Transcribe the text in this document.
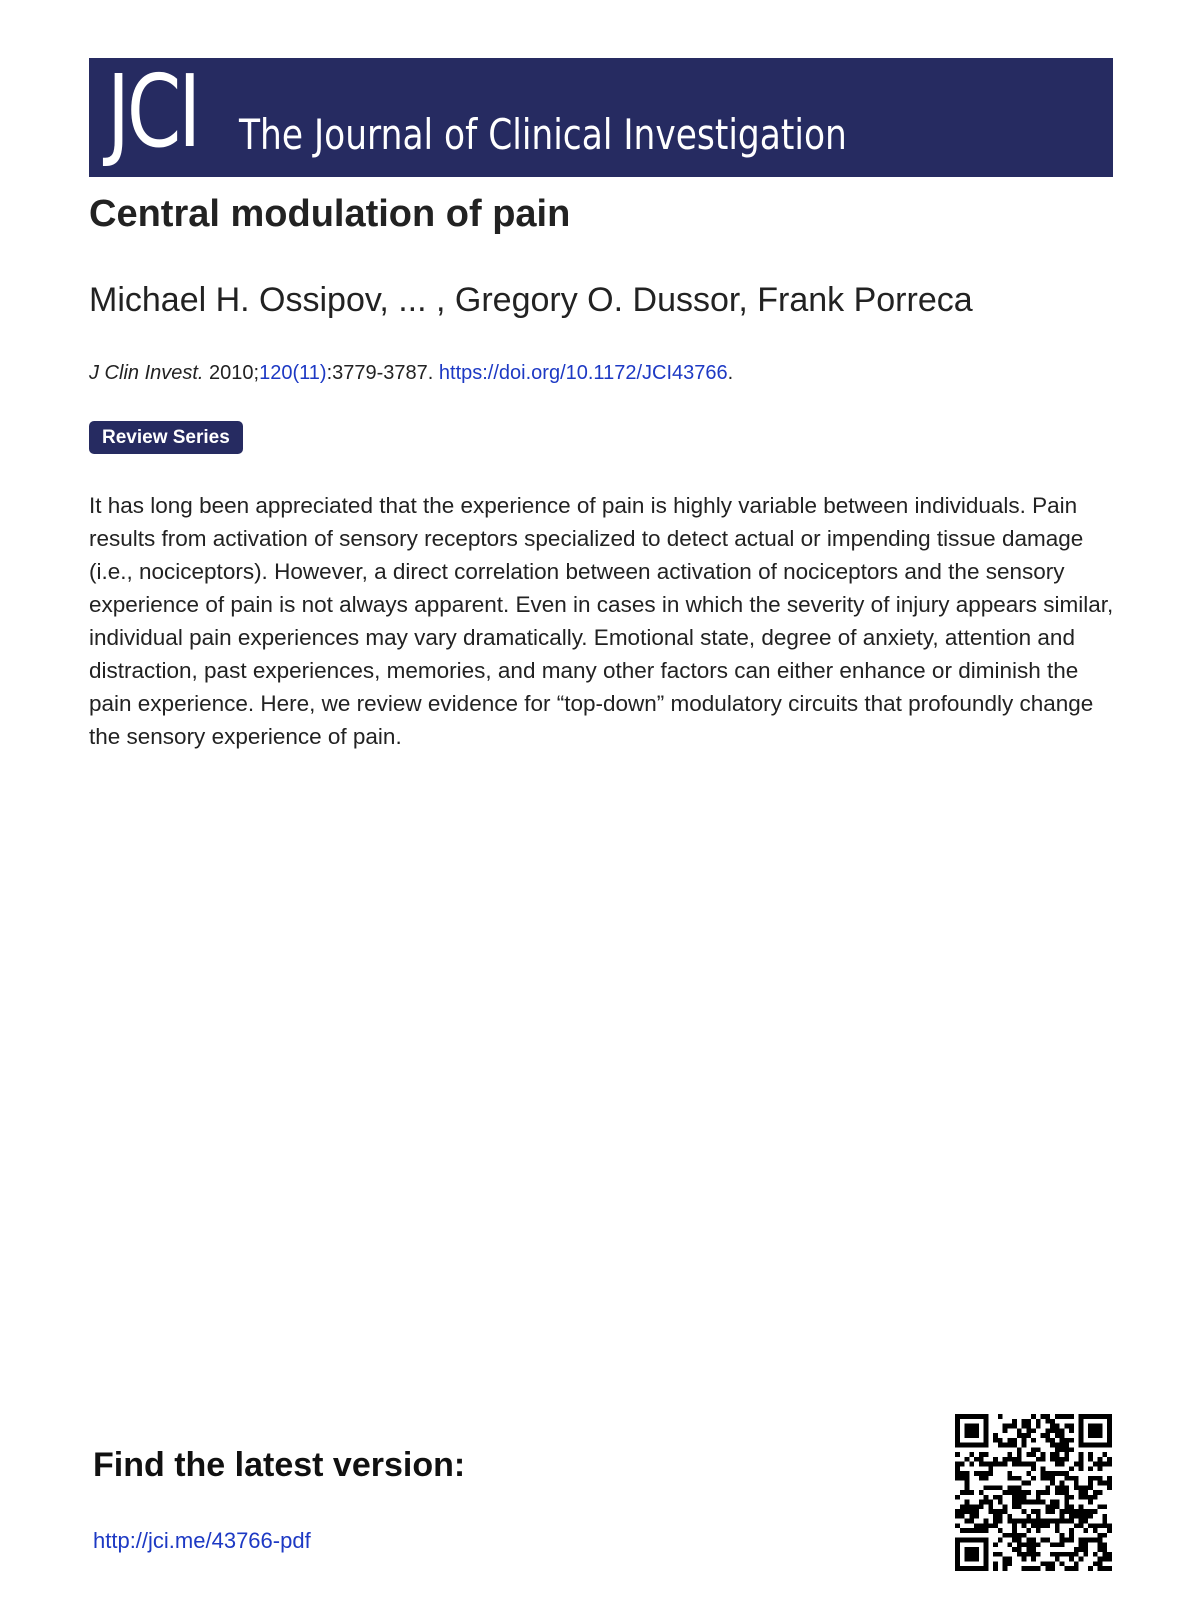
JCI The Journal of Clinical Investigation
Central modulation of pain
Michael H. Ossipov, ... , Gregory O. Dussor, Frank Porreca
J Clin Invest. 2010;120(11):3779-3787. https://doi.org/10.1172/JCI43766.
Review Series

It has long been appreciated that the experience of pain is highly variable between individuals. Pain results from activation of sensory receptors specialized to detect actual or impending tissue damage (i.e., nociceptors). However, a direct correlation between activation of nociceptors and the sensory experience of pain is not always apparent. Even in cases in which the severity of injury appears similar, individual pain experiences may vary dramatically. Emotional state, degree of anxiety, attention and distraction, past experiences, memories, and many other factors can either enhance or diminish the pain experience. Here, we review evidence for “top-down” modulatory circuits that profoundly change the sensory experience of pain.

Find the latest version:
http://jci.me/43766-pdf
